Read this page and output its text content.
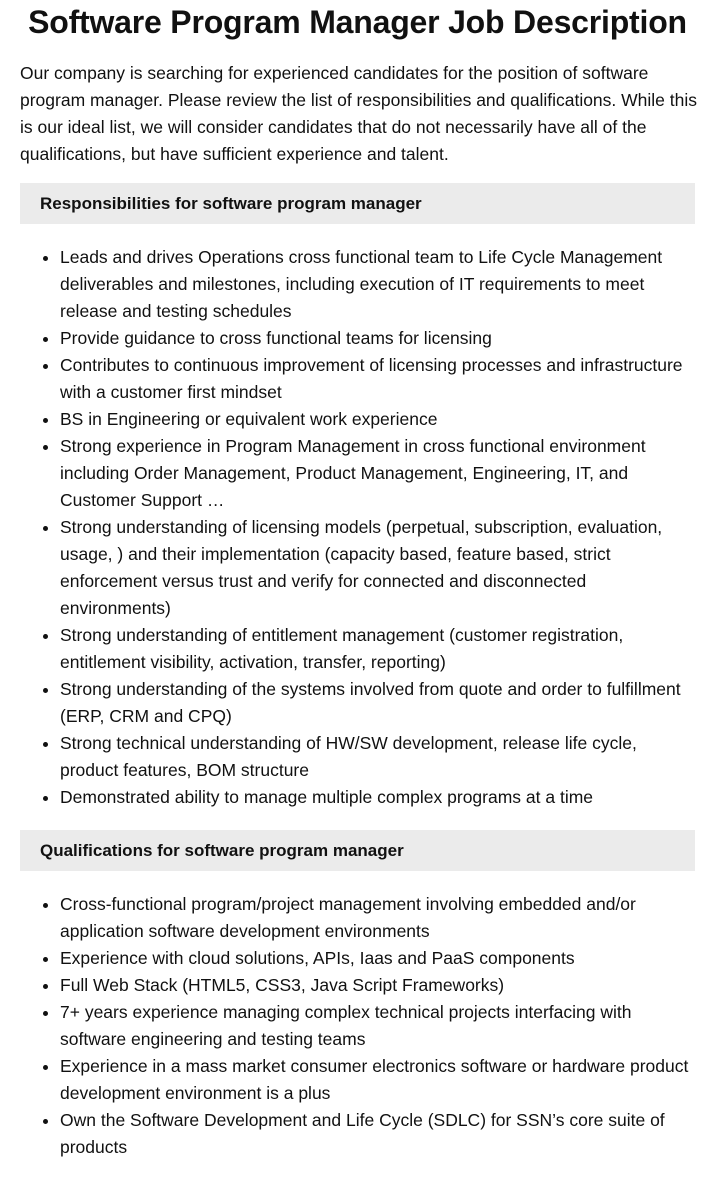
Software Program Manager Job Description

Our company is searching for experienced candidates for the position of software program manager. Please review the list of responsibilities and qualifications. While this is our ideal list, we will consider candidates that do not necessarily have all of the qualifications, but have sufficient experience and talent.

Responsibilities for software program manager
• Leads and drives Operations cross functional team to Life Cycle Management deliverables and milestones, including execution of IT requirements to meet release and testing schedules
• Provide guidance to cross functional teams for licensing
• Contributes to continuous improvement of licensing processes and infrastructure with a customer first mindset
• BS in Engineering or equivalent work experience
• Strong experience in Program Management in cross functional environment including Order Management, Product Management, Engineering, IT, and Customer Support …
• Strong understanding of licensing models (perpetual, subscription, evaluation, usage, ) and their implementation (capacity based, feature based, strict enforcement versus trust and verify for connected and disconnected environments)
• Strong understanding of entitlement management (customer registration, entitlement visibility, activation, transfer, reporting)
• Strong understanding of the systems involved from quote and order to fulfillment (ERP, CRM and CPQ)
• Strong technical understanding of HW/SW development, release life cycle, product features, BOM structure
• Demonstrated ability to manage multiple complex programs at a time
Qualifications for software program manager
• Cross-functional program/project management involving embedded and/or application software development environments
• Experience with cloud solutions, APIs, Iaas and PaaS components
• Full Web Stack (HTML5, CSS3, Java Script Frameworks)
• 7+ years experience managing complex technical projects interfacing with software engineering and testing teams
• Experience in a mass market consumer electronics software or hardware product development environment is a plus
• Own the Software Development and Life Cycle (SDLC) for SSN’s core suite of products
